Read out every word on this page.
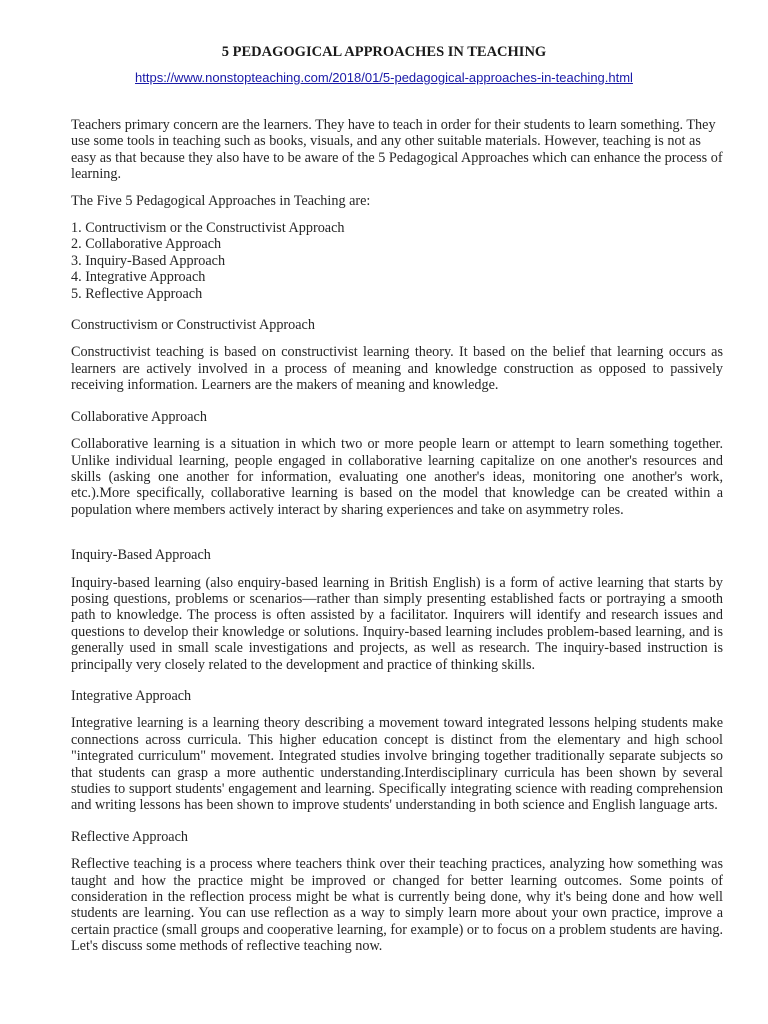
5 PEDAGOGICAL APPROACHES IN TEACHING
https://www.nonstopteaching.com/2018/01/5-pedagogical-approaches-in-teaching.html

Teachers primary concern are the learners. They have to teach in order for their students to learn something. They use some tools in teaching such as books, visuals, and any other suitable materials. However, teaching is not as easy as that because they also have to be aware of the 5 Pedagogical Approaches which can enhance the process of learning.

The Five 5 Pedagogical Approaches in Teaching are:

1. Contructivism or the Constructivist Approach
2. Collaborative Approach
3. Inquiry-Based Approach
4. Integrative Approach
5. Reflective Approach

Constructivism or Constructivist Approach

Constructivist teaching is based on constructivist learning theory. It based on the belief that learning occurs as learners are actively involved in a process of meaning and knowledge construction as opposed to passively receiving information. Learners are the makers of meaning and knowledge.

Collaborative Approach

Collaborative learning is a situation in which two or more people learn or attempt to learn something together. Unlike individual learning, people engaged in collaborative learning capitalize on one another's resources and skills (asking one another for information, evaluating one another's ideas, monitoring one another's work, etc.).More specifically, collaborative learning is based on the model that knowledge can be created within a population where members actively interact by sharing experiences and take on asymmetry roles.

Inquiry-Based Approach

Inquiry-based learning (also enquiry-based learning in British English) is a form of active learning that starts by posing questions, problems or scenarios—rather than simply presenting established facts or portraying a smooth path to knowledge. The process is often assisted by a facilitator. Inquirers will identify and research issues and questions to develop their knowledge or solutions. Inquiry-based learning includes problem-based learning, and is generally used in small scale investigations and projects, as well as research. The inquiry-based instruction is principally very closely related to the development and practice of thinking skills.

Integrative Approach

Integrative learning is a learning theory describing a movement toward integrated lessons helping students make connections across curricula. This higher education concept is distinct from the elementary and high school "integrated curriculum" movement. Integrated studies involve bringing together traditionally separate subjects so that students can grasp a more authentic understanding.Interdisciplinary curricula has been shown by several studies to support students' engagement and learning. Specifically integrating science with reading comprehension and writing lessons has been shown to improve students' understanding in both science and English language arts.

Reflective Approach

Reflective teaching is a process where teachers think over their teaching practices, analyzing how something was taught and how the practice might be improved or changed for better learning outcomes. Some points of consideration in the reflection process might be what is currently being done, why it's being done and how well students are learning. You can use reflection as a way to simply learn more about your own practice, improve a certain practice (small groups and cooperative learning, for example) or to focus on a problem students are having. Let's discuss some methods of reflective teaching now.
